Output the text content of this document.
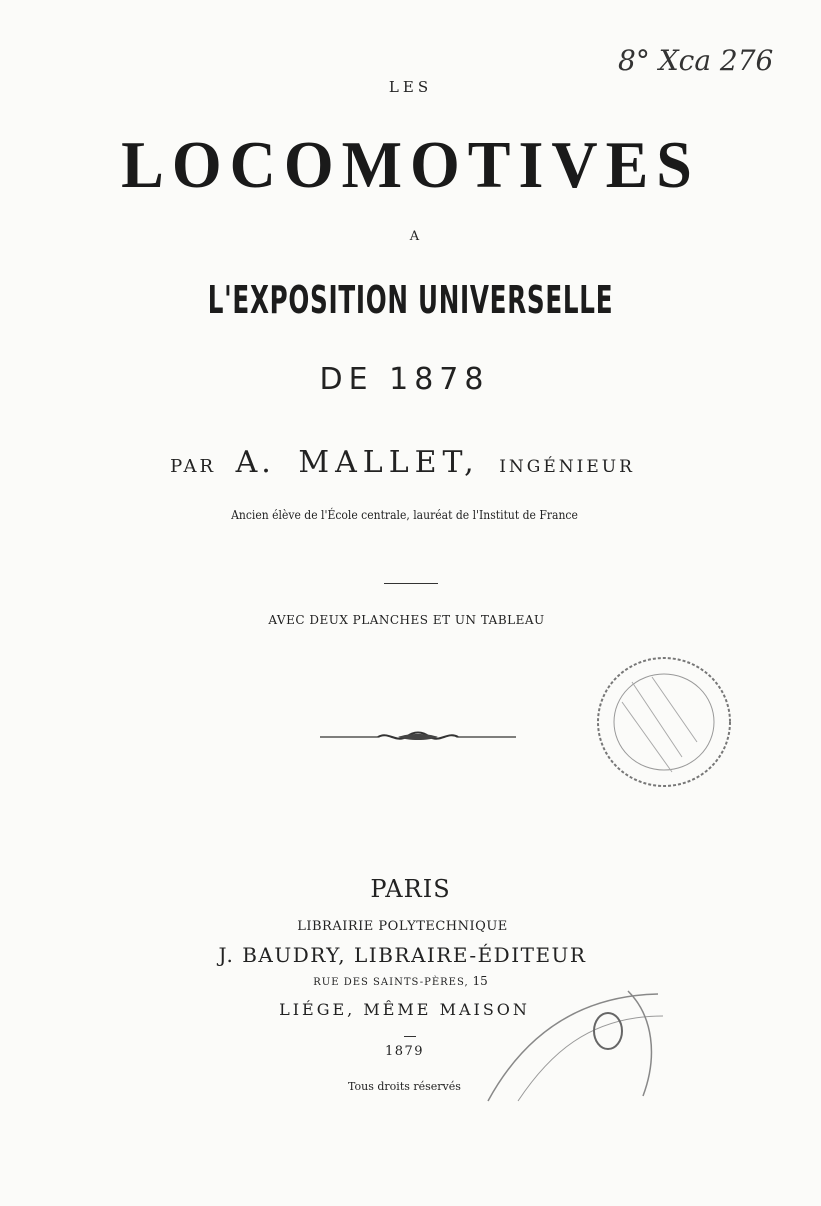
8° Xca 276
LES
LOCOMOTIVES
A
L'EXPOSITION UNIVERSELLE
DE 1878
PAR A. MALLET, INGÉNIEUR
Ancien élève de l'École centrale, lauréat de l'Institut de France
AVEC DEUX PLANCHES ET UN TABLEAU
PARIS
LIBRAIRIE POLYTECHNIQUE
J. BAUDRY, LIBRAIRE-ÉDITEUR
RUE DES SAINTS-PÈRES, 15
LIÉGE, MÊME MAISON
1879
Tous droits réservés
